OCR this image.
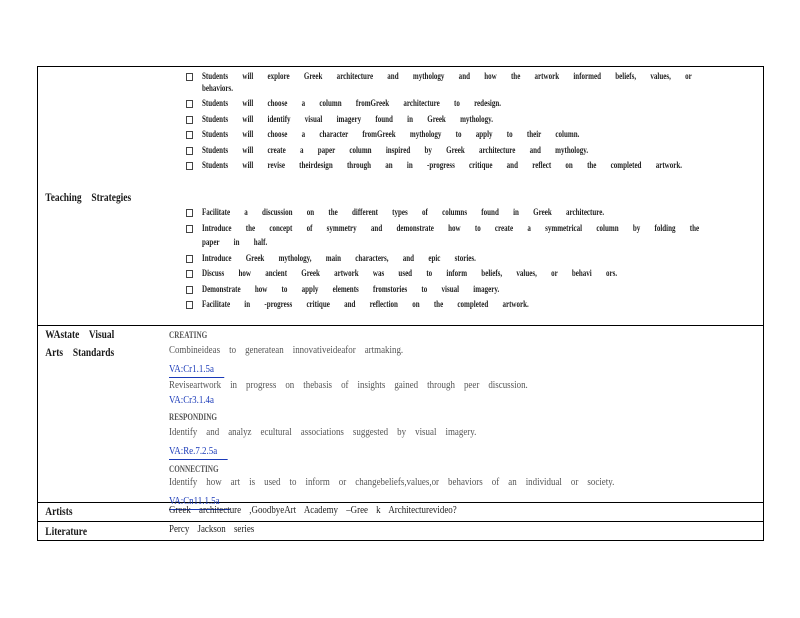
Teaching Strategies
Students will explore Greek architecture and mythology and how the artwork informed beliefs, values, or
behaviors.
Students will choose a column fromGreek architecture to redesign.
Students will identify visual imagery found in Greek mythology.
Students will choose a character fromGreek mythology to apply to their column.
Students will create a paper column inspired by Greek architecture and mythology.
Students will revise theirdesign through an in -progress critique and reflect on the completed artwork.
Facilitate a discussion on the different types of columns found in Greek architecture.
Introduce the concept of symmetry and demonstrate how to create a symmetrical column by folding the
paper in half.
Introduce Greek mythology, main characters, and epic stories.
Discuss how ancient Greek artwork was used to inform beliefs, values, or behavi ors.
Demonstrate how to apply elements fromstories to visual imagery.
Facilitate in -progress critique and reflection on the completed artwork.

WAstate Visual
Arts Standards
CREATING
Combineideas to generatean innovativeideafor artmaking.
VA:Cr1.1.5a
Reviseartwork in progress on thebasis of insights gained through peer discussion.
VA:Cr3.1.4a
RESPONDING
Identify and analyz ecultural associations suggested by visual imagery.
VA:Re.7.2.5a
CONNECTING
Identify how art is used to inform or changebeliefs,values,or behaviors of an individual or society.
VA:Cn11.1.5a

Artists	Greek architecture ,GoodbyeArt Academy –Gree k Architecturevideo?

Literature	Percy Jackson series
